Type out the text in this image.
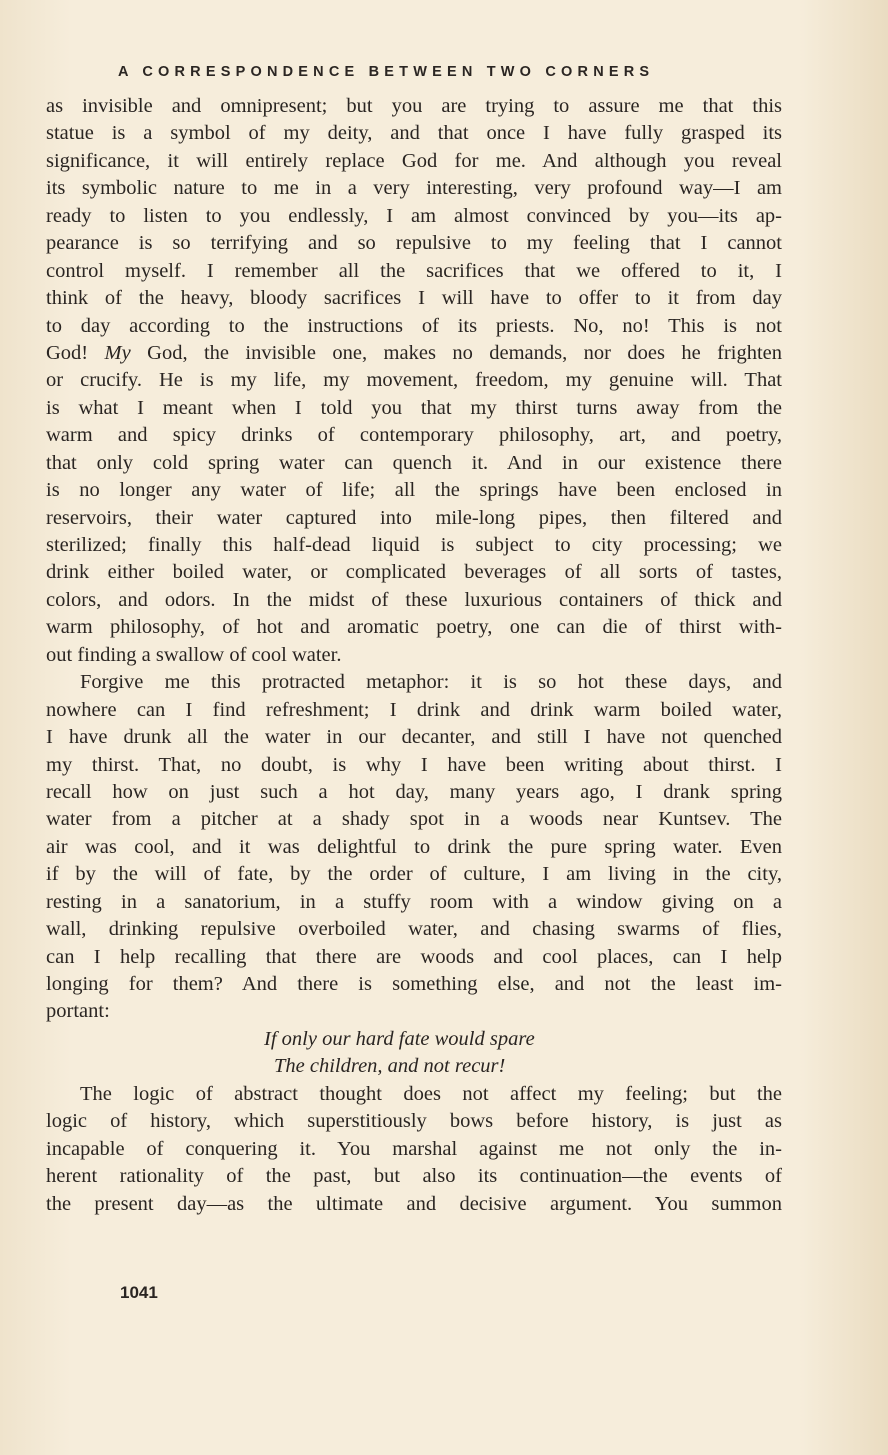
A CORRESPONDENCE BETWEEN TWO CORNERS
as invisible and omnipresent; but you are trying to assure me that this
statue is a symbol of my deity, and that once I have fully grasped its
significance, it will entirely replace God for me. And although you reveal
its symbolic nature to me in a very interesting, very profound way—I am
ready to listen to you endlessly, I am almost convinced by you—its ap-
pearance is so terrifying and so repulsive to my feeling that I cannot
control myself. I remember all the sacrifices that we offered to it, I
think of the heavy, bloody sacrifices I will have to offer to it from day
to day according to the instructions of its priests. No, no! This is not
God! My God, the invisible one, makes no demands, nor does he frighten
or crucify. He is my life, my movement, freedom, my genuine will. That
is what I meant when I told you that my thirst turns away from the
warm and spicy drinks of contemporary philosophy, art, and poetry,
that only cold spring water can quench it. And in our existence there
is no longer any water of life; all the springs have been enclosed in
reservoirs, their water captured into mile-long pipes, then filtered and
sterilized; finally this half-dead liquid is subject to city processing; we
drink either boiled water, or complicated beverages of all sorts of tastes,
colors, and odors. In the midst of these luxurious containers of thick and
warm philosophy, of hot and aromatic poetry, one can die of thirst with-
out finding a swallow of cool water.
Forgive me this protracted metaphor: it is so hot these days, and
nowhere can I find refreshment; I drink and drink warm boiled water,
I have drunk all the water in our decanter, and still I have not quenched
my thirst. That, no doubt, is why I have been writing about thirst. I
recall how on just such a hot day, many years ago, I drank spring
water from a pitcher at a shady spot in a woods near Kuntsev. The
air was cool, and it was delightful to drink the pure spring water. Even
if by the will of fate, by the order of culture, I am living in the city,
resting in a sanatorium, in a stuffy room with a window giving on a
wall, drinking repulsive overboiled water, and chasing swarms of flies,
can I help recalling that there are woods and cool places, can I help
longing for them? And there is something else, and not the least im-
portant:
If only our hard fate would spare
The children, and not recur!
The logic of abstract thought does not affect my feeling; but the
logic of history, which superstitiously bows before history, is just as
incapable of conquering it. You marshal against me not only the in-
herent rationality of the past, but also its continuation—the events of
the present day—as the ultimate and decisive argument. You summon
1041
